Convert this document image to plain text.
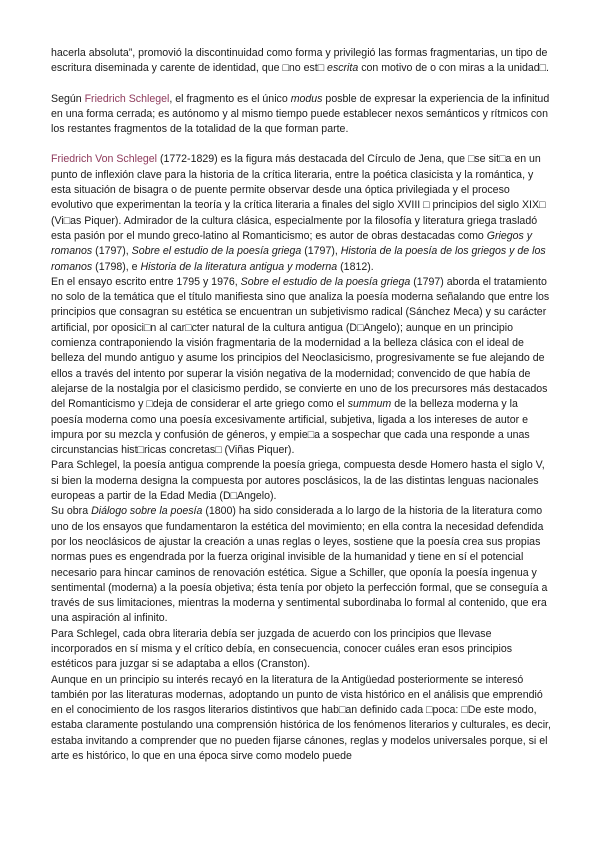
hacerla absoluta”, promovió la discontinuidad como forma y privilegió las formas fragmentarias, un tipo de escritura diseminada y carente de identidad, que □no est□ escrita con motivo de o con miras a la unidad□.

Según Friedrich Schlegel, el fragmento es el único modus posble de expresar la experiencia de la infinitud en una forma cerrada; es autónomo y al mismo tiempo puede establecer nexos semánticos y rítmicos con los restantes fragmentos de la totalidad de la que forman parte.

Friedrich Von Schlegel (1772-1829) es la figura más destacada del Círculo de Jena, que □se sit□a en un punto de inflexión clave para la historia de la crítica literaria, entre la poética clasicista y la romántica, y esta situación de bisagra o de puente permite observar desde una óptica privilegiada y el proceso evolutivo que experimentan la teoría y la crítica literaria a finales del siglo XVIII □ principios del siglo XIX□ (Vi□as Piquer). Admirador de la cultura clásica, especialmente por la filosofía y literatura griega trasladó esta pasión por el mundo greco-latino al Romanticismo; es autor de obras destacadas como Griegos y romanos (1797), Sobre el estudio de la poesía griega (1797), Historia de la poesía de los griegos y de los romanos (1798), e Historia de la literatura antigua y moderna (1812).

En el ensayo escrito entre 1795 y 1976, Sobre el estudio de la poesía griega (1797) aborda el tratamiento no solo de la temática que el título manifiesta sino que analiza la poesía moderna señalando que entre los principios que consagran su estética se encuentran un subjetivismo radical (Sánchez Meca) y su carácter artificial, por oposici□n al car□cter natural de la cultura antigua (D□Angelo); aunque en un principio comienza contraponiendo la visión fragmentaria de la modernidad a la belleza clásica con el ideal de belleza del mundo antiguo y asume los principios del Neoclasicismo, progresivamente se fue alejando de ellos a través del intento por superar la visión negativa de la modernidad; convencido de que había de alejarse de la nostalgia por el clasicismo perdido, se convierte en uno de los precursores más destacados del Romanticismo y □deja de considerar el arte griego como el summum de la belleza moderna y la poesía moderna como una poesía excesivamente artificial, subjetiva, ligada a los intereses de autor e impura por su mezcla y confusión de géneros, y empie□a a sospechar que cada una responde a unas circunstancias hist□ricas concretas□ (Viñas Piquer).

Para Schlegel, la poesía antigua comprende la poesía griega, compuesta desde Homero hasta el siglo V, si bien la moderna designa la compuesta por autores posclásicos, la de las distintas lenguas nacionales europeas a partir de la Edad Media (D□Angelo).

Su obra Diálogo sobre la poesía (1800) ha sido considerada a lo largo de la historia de la literatura como uno de los ensayos que fundamentaron la estética del movimiento; en ella contra la necesidad defendida por los neoclásicos de ajustar la creación a unas reglas o leyes, sostiene que la poesía crea sus propias normas pues es engendrada por la fuerza original invisible de la humanidad y tiene en sí el potencial necesario para hincar caminos de renovación estética. Sigue a Schiller, que oponía la poesía ingenua y sentimental (moderna) a la poesía objetiva; ésta tenía por objeto la perfección formal, que se conseguía a través de sus limitaciones, mientras la moderna y sentimental subordinaba lo formal al contenido, que era una aspiración al infinito.

Para Schlegel, cada obra literaria debía ser juzgada de acuerdo con los principios que llevase incorporados en sí misma y el crítico debía, en consecuencia, conocer cuáles eran esos principios estéticos para juzgar si se adaptaba a ellos (Cranston).

Aunque en un principio su interés recayó en la literatura de la Antigüedad posteriormente se interesó también por las literaturas modernas, adoptando un punto de vista histórico en el análisis que emprendió en el conocimiento de los rasgos literarios distintivos que hab□an definido cada □poca: □De este modo, estaba claramente postulando una comprensión histórica de los fenómenos literarios y culturales, es decir, estaba invitando a comprender que no pueden fijarse cánones, reglas y modelos universales porque, si el arte es histórico, lo que en una época sirve como modelo puede
